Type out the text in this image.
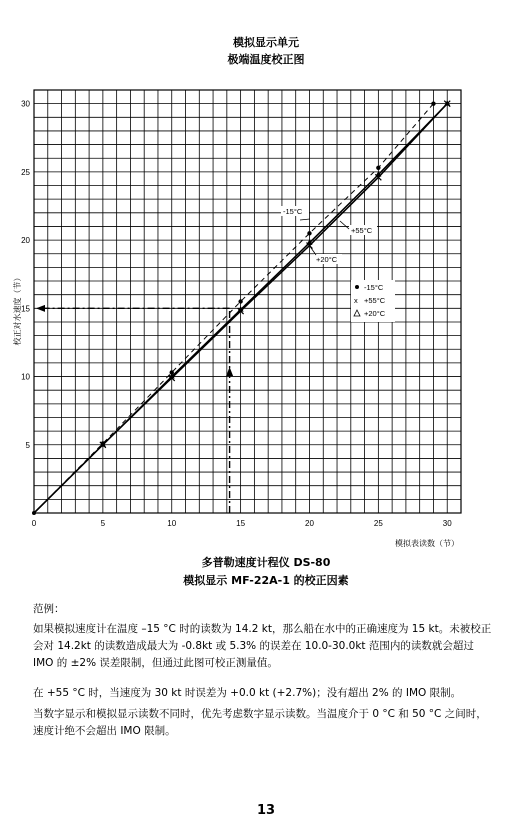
模拟显示单元
极端温度校正图
0	5	10	15	20	25	30
5
10
15
20
25
30
模拟表读数（节）
校正对水速度（节）
-15°C
+55°C
+20°C
-15°C
x +55°C
+20°C
多普勒速度计程仪 DS-80
模拟显示 MF-22A-1 的校正因素
范例：
如果模拟速度计在温度 –15 °C 时的读数为 14.2 kt，那么船在水中的正确速度为 15 kt。未被校正会对 14.2kt 的读数造成最大为 -0.8kt 或 5.3% 的误差在 10.0-30.0kt 范围内的读数就会超过 IMO 的 ±2% 误差限制，但通过此图可校正测量值。
在 +55 °C 时，当速度为 30 kt 时误差为 +0.0 kt (+2.7%)；没有超出 2% 的 IMO 限制。
当数字显示和模拟显示读数不同时，优先考虑数字显示读数。当温度介于 0 °C 和 50 °C 之间时，速度计绝不会超出 IMO 限制。
13
